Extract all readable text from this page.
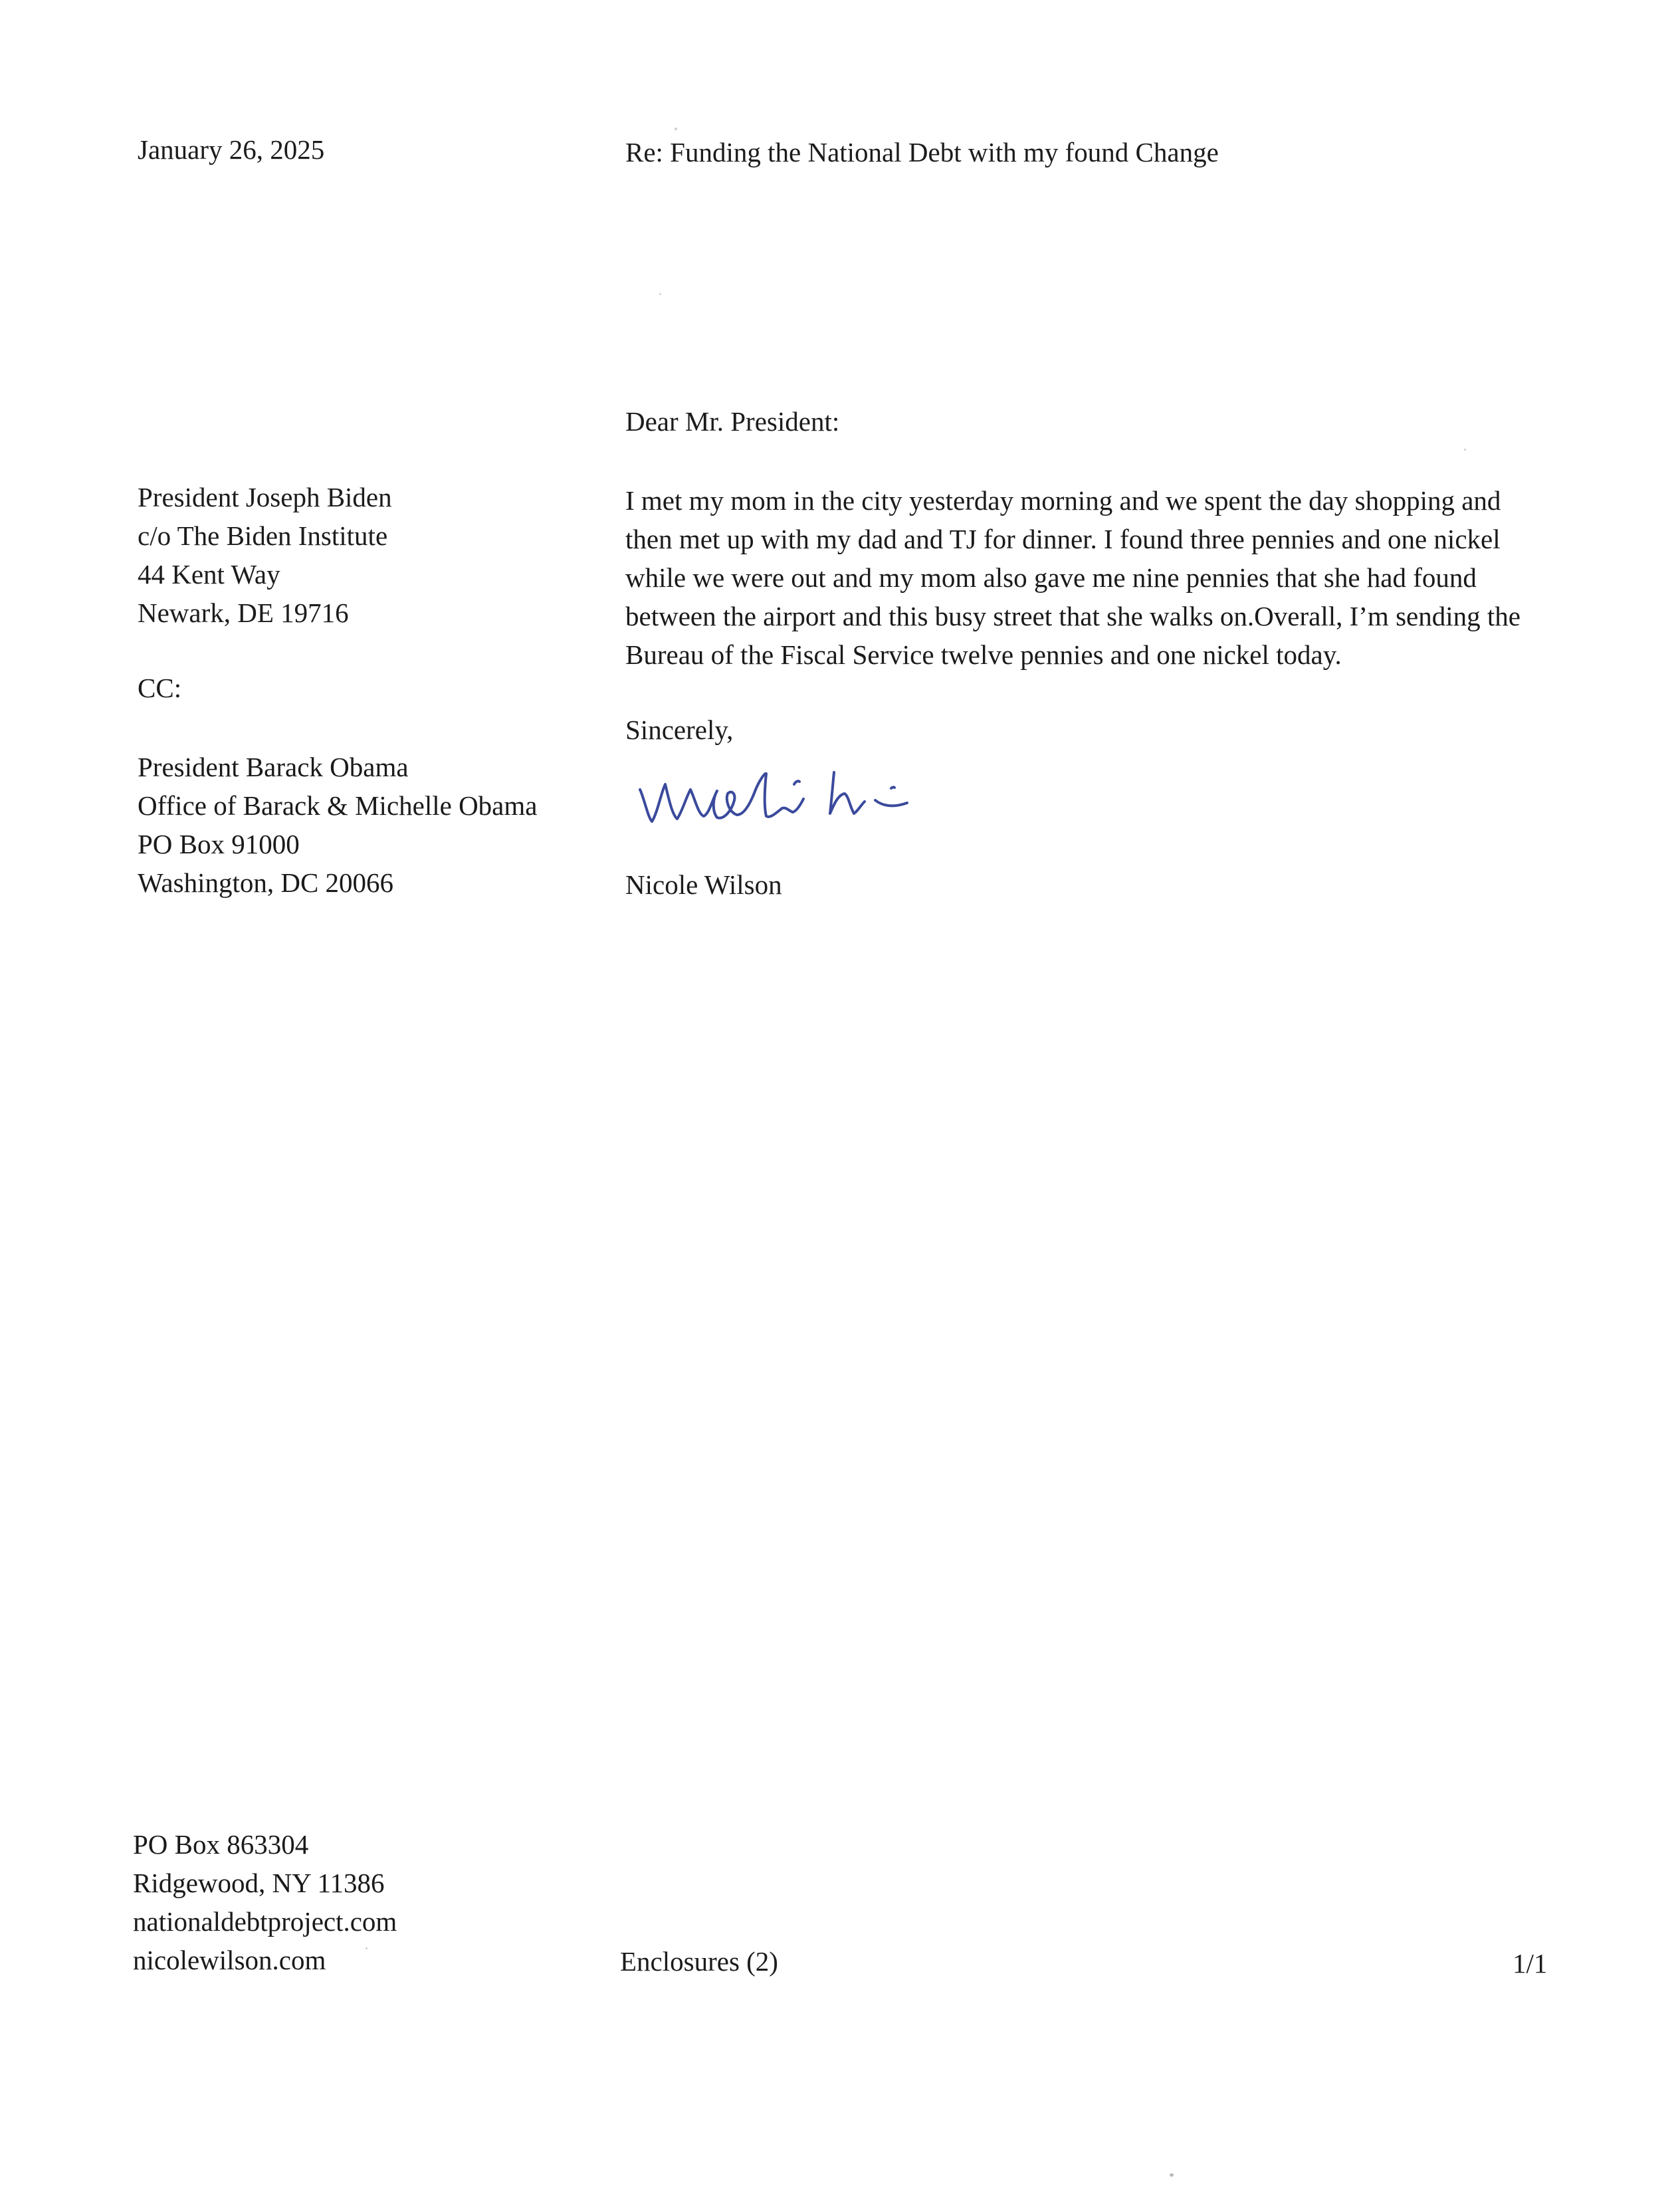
January 26, 2025	Re: Funding the National Debt with my found Change
Dear Mr. President:
President Joseph Biden
c/o The Biden Institute
44 Kent Way
Newark, DE 19716
I met my mom in the city yesterday morning and we spent the day shopping and
then met up with my dad and TJ for dinner. I found three pennies and one nickel
while we were out and my mom also gave me nine pennies that she had found
between the airport and this busy street that she walks on.Overall, I’m sending the
Bureau of the Fiscal Service twelve pennies and one nickel today.
CC:
Sincerely,
President Barack Obama
Office of Barack & Michelle Obama
PO Box 91000
Washington, DC 20066	Nicole Wilson
PO Box 863304
Ridgewood, NY 11386
nationaldebtproject.com
nicolewilson.com	Enclosures (2)	1/1
